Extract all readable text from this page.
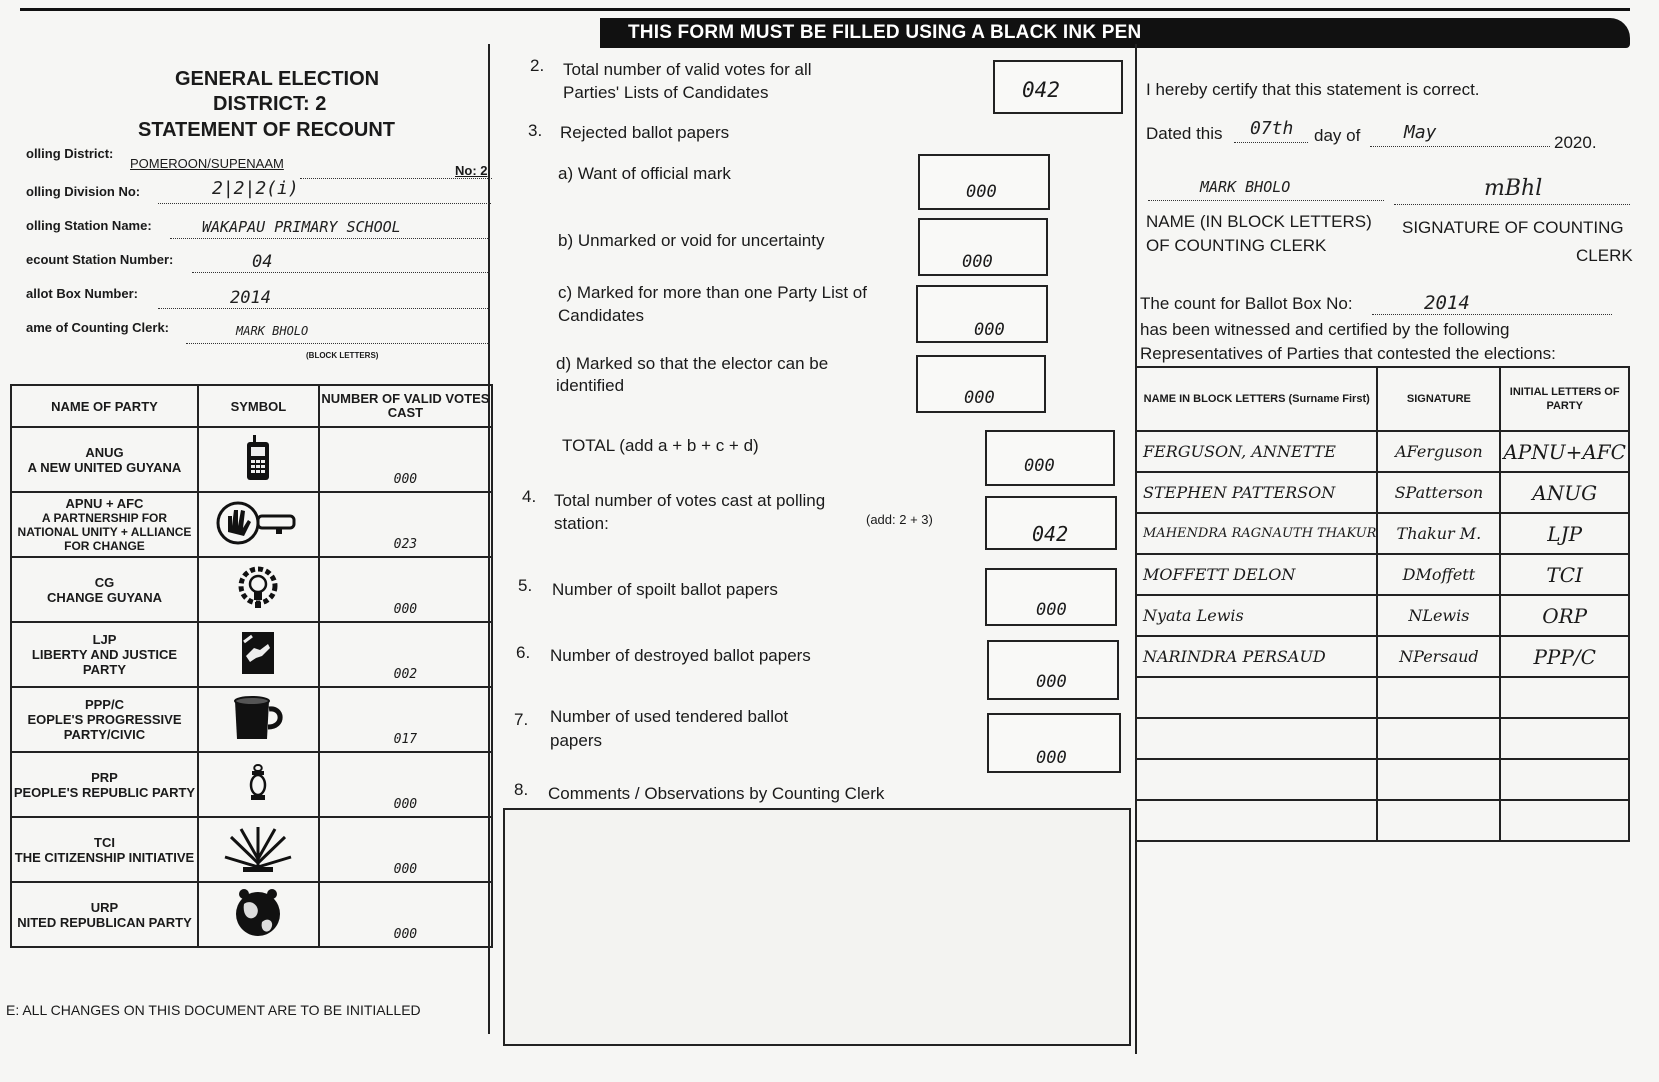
THIS FORM MUST BE FILLED USING A BLACK INK PEN
GENERAL ELECTION
DISTRICT: 2
STATEMENT OF RECOUNT
olling District:
POMEROON/SUPENAAM	No: 2
olling Division No:	2|2|2(i)
olling Station Name:	WAKAPAU PRIMARY SCHOOL
ecount Station Number:	04
allot Box Number:	2014
ame of Counting Clerk:	MARK BHOLO
(BLOCK LETTERS)
NAME OF PARTY	SYMBOL	NUMBER OF VALID VOTES CAST

ANUG
A NEW UNITED GUYANA		000

APNU + AFC
A PARTNERSHIP FOR NATIONAL UNITY + ALLIANCE FOR CHANGE		023

CG
CHANGE GUYANA		000

LJP
LIBERTY AND JUSTICE PARTY		002

PPP/C
EOPLE'S PROGRESSIVE PARTY/CIVIC		017

PRP
PEOPLE'S REPUBLIC PARTY		000

TCI
THE CITIZENSHIP INITIATIVE		000

URP
NITED REPUBLICAN PARTY		000
E: ALL CHANGES ON THIS DOCUMENT ARE TO BE INITIALLED
2. Total number of valid votes for all
Parties' Lists of Candidates	042
3. Rejected ballot papers
a) Want of official mark
000
b) Unmarked or void for uncertainty
000
c) Marked for more than one Party List of
Candidates
000
d) Marked so that the elector can be
identified
000
TOTAL (add a + b + c + d)
000
4. Total number of votes cast at polling
station:	(add: 2 + 3)
042
5. Number of spoilt ballot papers
000
6. Number of destroyed ballot papers
000
7. Number of used tendered ballot
papers
000
8. Comments / Observations by Counting Clerk
I hereby certify that this statement is correct.
Dated this 07th day of May	2020.
MARK BHOLO	mBhl
NAME (IN BLOCK LETTERS)
OF COUNTING CLERK
SIGNATURE OF COUNTING
CLERK
The count for Ballot Box No:	2014
has been witnessed and certified by the following
Representatives of Parties that contested the elections:
NAME IN BLOCK LETTERS (Surname First)	SIGNATURE	INITIAL LETTERS OF PARTY
FERGUSON, ANNETTE	AFerguson	APNU+AFC
STEPHEN PATTERSON	SPatterson	ANUG
MAHENDRA RAGNAUTH THAKUR	Thakur M.	LJP
MOFFETT DELON	DMoffett	TCI
Nyata Lewis	NLewis	ORP
NARINDRA PERSAUD	NPersaud	PPP/C
